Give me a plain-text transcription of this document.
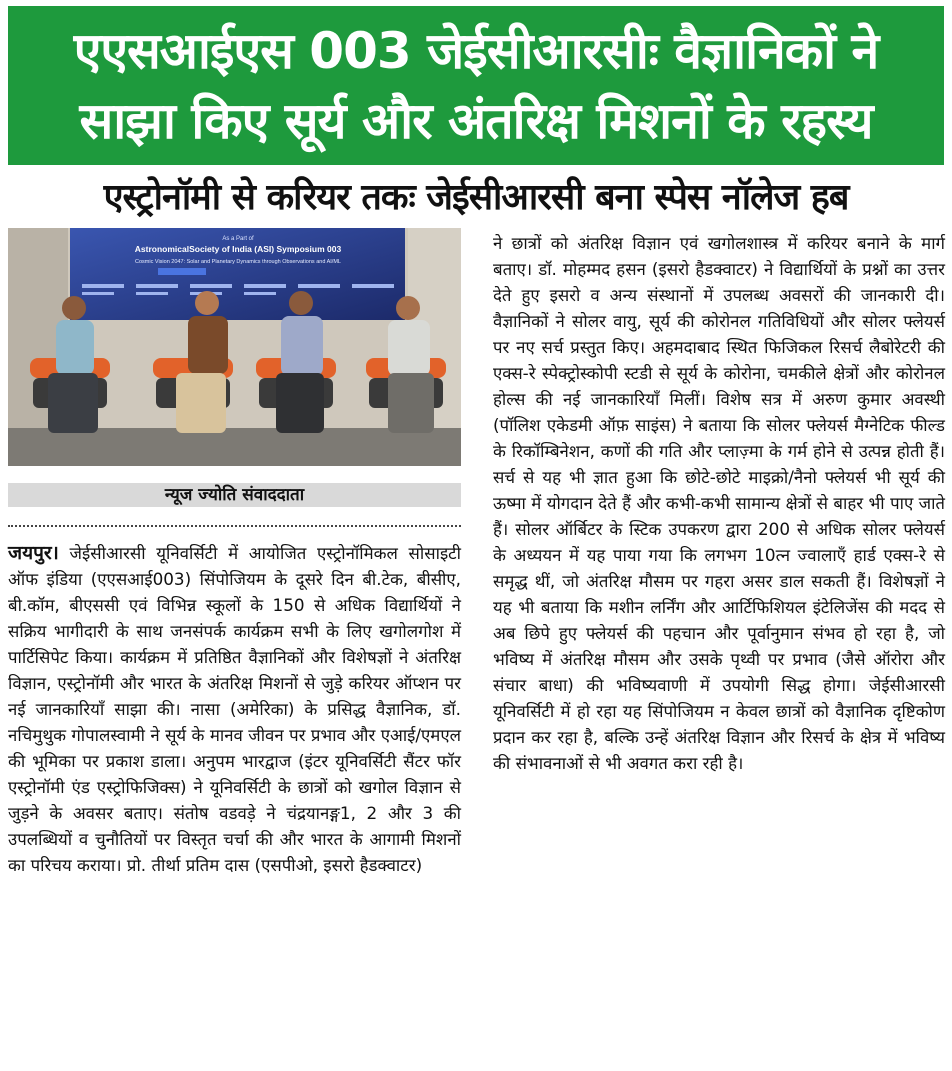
एएसआईएस 003 जेईसीआरसीः वैज्ञानिकों ने
साझा किए सूर्य और अंतरिक्ष मिशनों के रहस्य
एस्ट्रोनॉमी से करियर तकः जेईसीआरसी बना स्पेस नॉलेज हब
As a Part of
AstronomicalSociety of India (ASI) Symposium 003
Cosmic Vision 2047: Solar and Planetary Dynamics through Observations and AI/ML
न्यूज ज्योति संवाददाता

जयपुर। जेईसीआरसी यूनिवर्सिटी में आयोजित एस्ट्रोनॉमिकल सोसाइटी ऑफ इंडिया (एएसआई003) सिंपोजियम के दूसरे दिन बी.टेक, बीसीए, बी.कॉम, बीएससी एवं विभिन्न स्कूलों के 150 से अधिक विद्यार्थियों ने सक्रिय भागीदारी के साथ जनसंपर्क कार्यक्रम सभी के लिए खगोलगोश में पार्टिसिपेट किया। कार्यक्रम में प्रतिष्ठित वैज्ञानिकों और विशेषज्ञों ने अंतरिक्ष विज्ञान, एस्ट्रोनॉमी और भारत के अंतरिक्ष मिशनों से जुड़े करियर ऑप्शन पर नई जानकारियाँ साझा की। नासा (अमेरिका) के प्रसिद्ध वैज्ञानिक, डॉ. नचिमुथुक गोपालस्वामी ने सूर्य के मानव जीवन पर प्रभाव और एआई/एमएल की भूमिका पर प्रकाश डाला। अनुपम भारद्वाज (इंटर यूनिवर्सिटी सैंटर फॉर एस्ट्रोनॉमी एंड एस्ट्रोफिजिक्स) ने यूनिवर्सिटी के छात्रों को खगोल विज्ञान से जुड़ने के अवसर बताए। संतोष वडवड़े ने चंद्रयानङ्ग1, 2 और 3 की उपलब्धियों व चुनौतियों पर विस्तृत चर्चा की और भारत के आगामी मिशनों का परिचय कराया। प्रो. तीर्था प्रतिम दास (एसपीओ, इसरो हैडक्वाटर)

ने छात्रों को अंतरिक्ष विज्ञान एवं खगोलशास्त्र में करियर बनाने के मार्ग बताए। डॉ. मोहम्मद हसन (इसरो हैडक्वाटर) ने विद्यार्थियों के प्रश्नों का उत्तर देते हुए इसरो व अन्य संस्थानों में उपलब्ध अवसरों की जानकारी दी। वैज्ञानिकों ने सोलर वायु, सूर्य की कोरोनल गतिविधियों और सोलर फ्लेयर्स पर नए सर्च प्रस्तुत किए। अहमदाबाद स्थित फिजिकल रिसर्च लैबोरेटरी की एक्स-रे स्पेक्ट्रोस्कोपी स्टडी से सूर्य के कोरोना, चमकीले क्षेत्रों और कोरोनल होल्स की नई जानकारियाँ मिलीं। विशेष सत्र में अरुण कुमार अवस्थी (पॉलिश एकेडमी ऑफ़ साइंस) ने बताया कि सोलर फ्लेयर्स मैग्नेटिक फील्ड के रिकॉम्बिनेशन, कणों की गति और प्लाज़्मा के गर्म होने से उत्पन्न होती हैं। सर्च से यह भी ज्ञात हुआ कि छोटे-छोटे माइक्रो/नैनो फ्लेयर्स भी सूर्य की ऊष्मा में योगदान देते हैं और कभी-कभी सामान्य क्षेत्रों से बाहर भी पाए जाते हैं। सोलर ऑर्बिटर के स्टिक उपकरण द्वारा 200 से अधिक सोलर फ्लेयर्स के अध्ययन में यह पाया गया कि लगभग 10त्न ज्वालाएँ हार्ड एक्स-रे से समृद्ध थीं, जो अंतरिक्ष मौसम पर गहरा असर डाल सकती हैं। विशेषज्ञों ने यह भी बताया कि मशीन लर्निंग और आर्टिफिशियल इंटेलिजेंस की मदद से अब छिपे हुए फ्लेयर्स की पहचान और पूर्वानुमान संभव हो रहा है, जो भविष्य में अंतरिक्ष मौसम और उसके पृथ्वी पर प्रभाव (जैसे ऑरोरा और संचार बाधा) की भविष्यवाणी में उपयोगी सिद्ध होगा। जेईसीआरसी यूनिवर्सिटी में हो रहा यह सिंपोजियम न केवल छात्रों को वैज्ञानिक दृष्टिकोण प्रदान कर रहा है, बल्कि उन्हें अंतरिक्ष विज्ञान और रिसर्च के क्षेत्र में भविष्य की संभावनाओं से भी अवगत करा रही है।
